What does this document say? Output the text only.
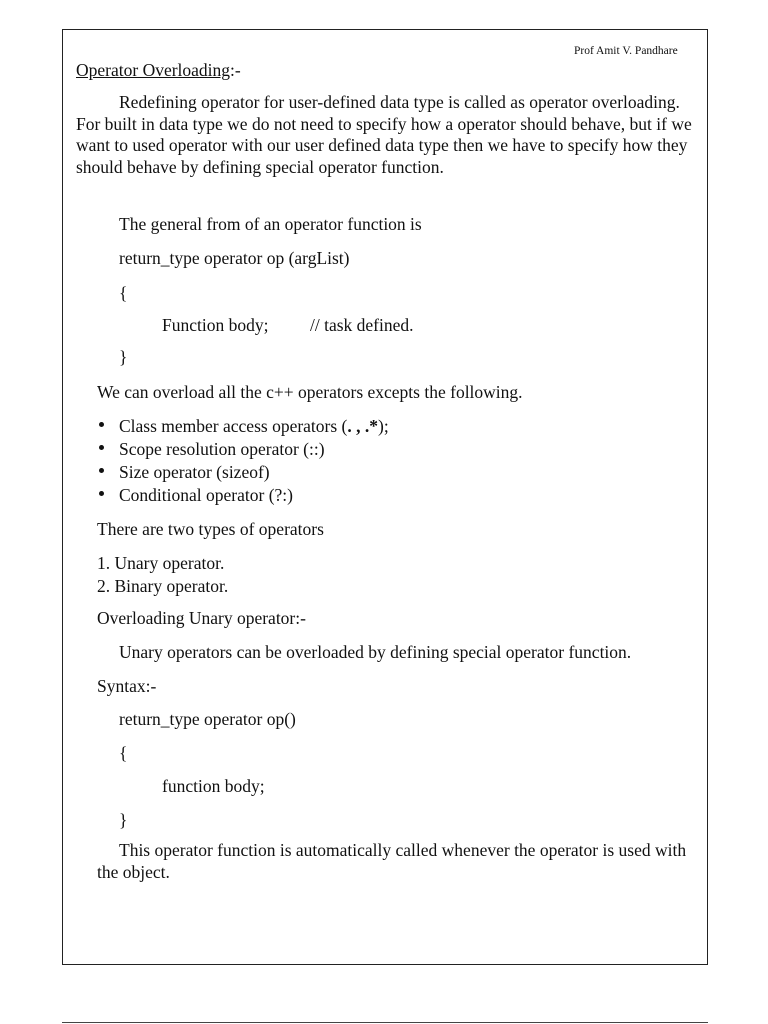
Prof Amit V. Pandhare
Operator Overloading:-
Redefining operator for user-defined data type is called as operator overloading. For built in data type we do not need to specify how a operator should behave, but if we want to used operator with our user defined data type then we have to specify how they should behave by defining special operator function.
The general from of an operator function is
return_type operator op (argList)
{
Function body; // task defined.
}
We can overload all the c++ operators excepts the following.
Class member access operators (. , .*);
Scope resolution operator (::)
Size operator (sizeof)
Conditional operator (?:)
There are two types of operators
1. Unary operator.
2. Binary operator.
Overloading Unary operator:-
Unary operators can be overloaded by defining special operator function.
Syntax:-
return_type operator op()
{
function body;
}
This operator function is automatically called whenever the operator is used with the object.
